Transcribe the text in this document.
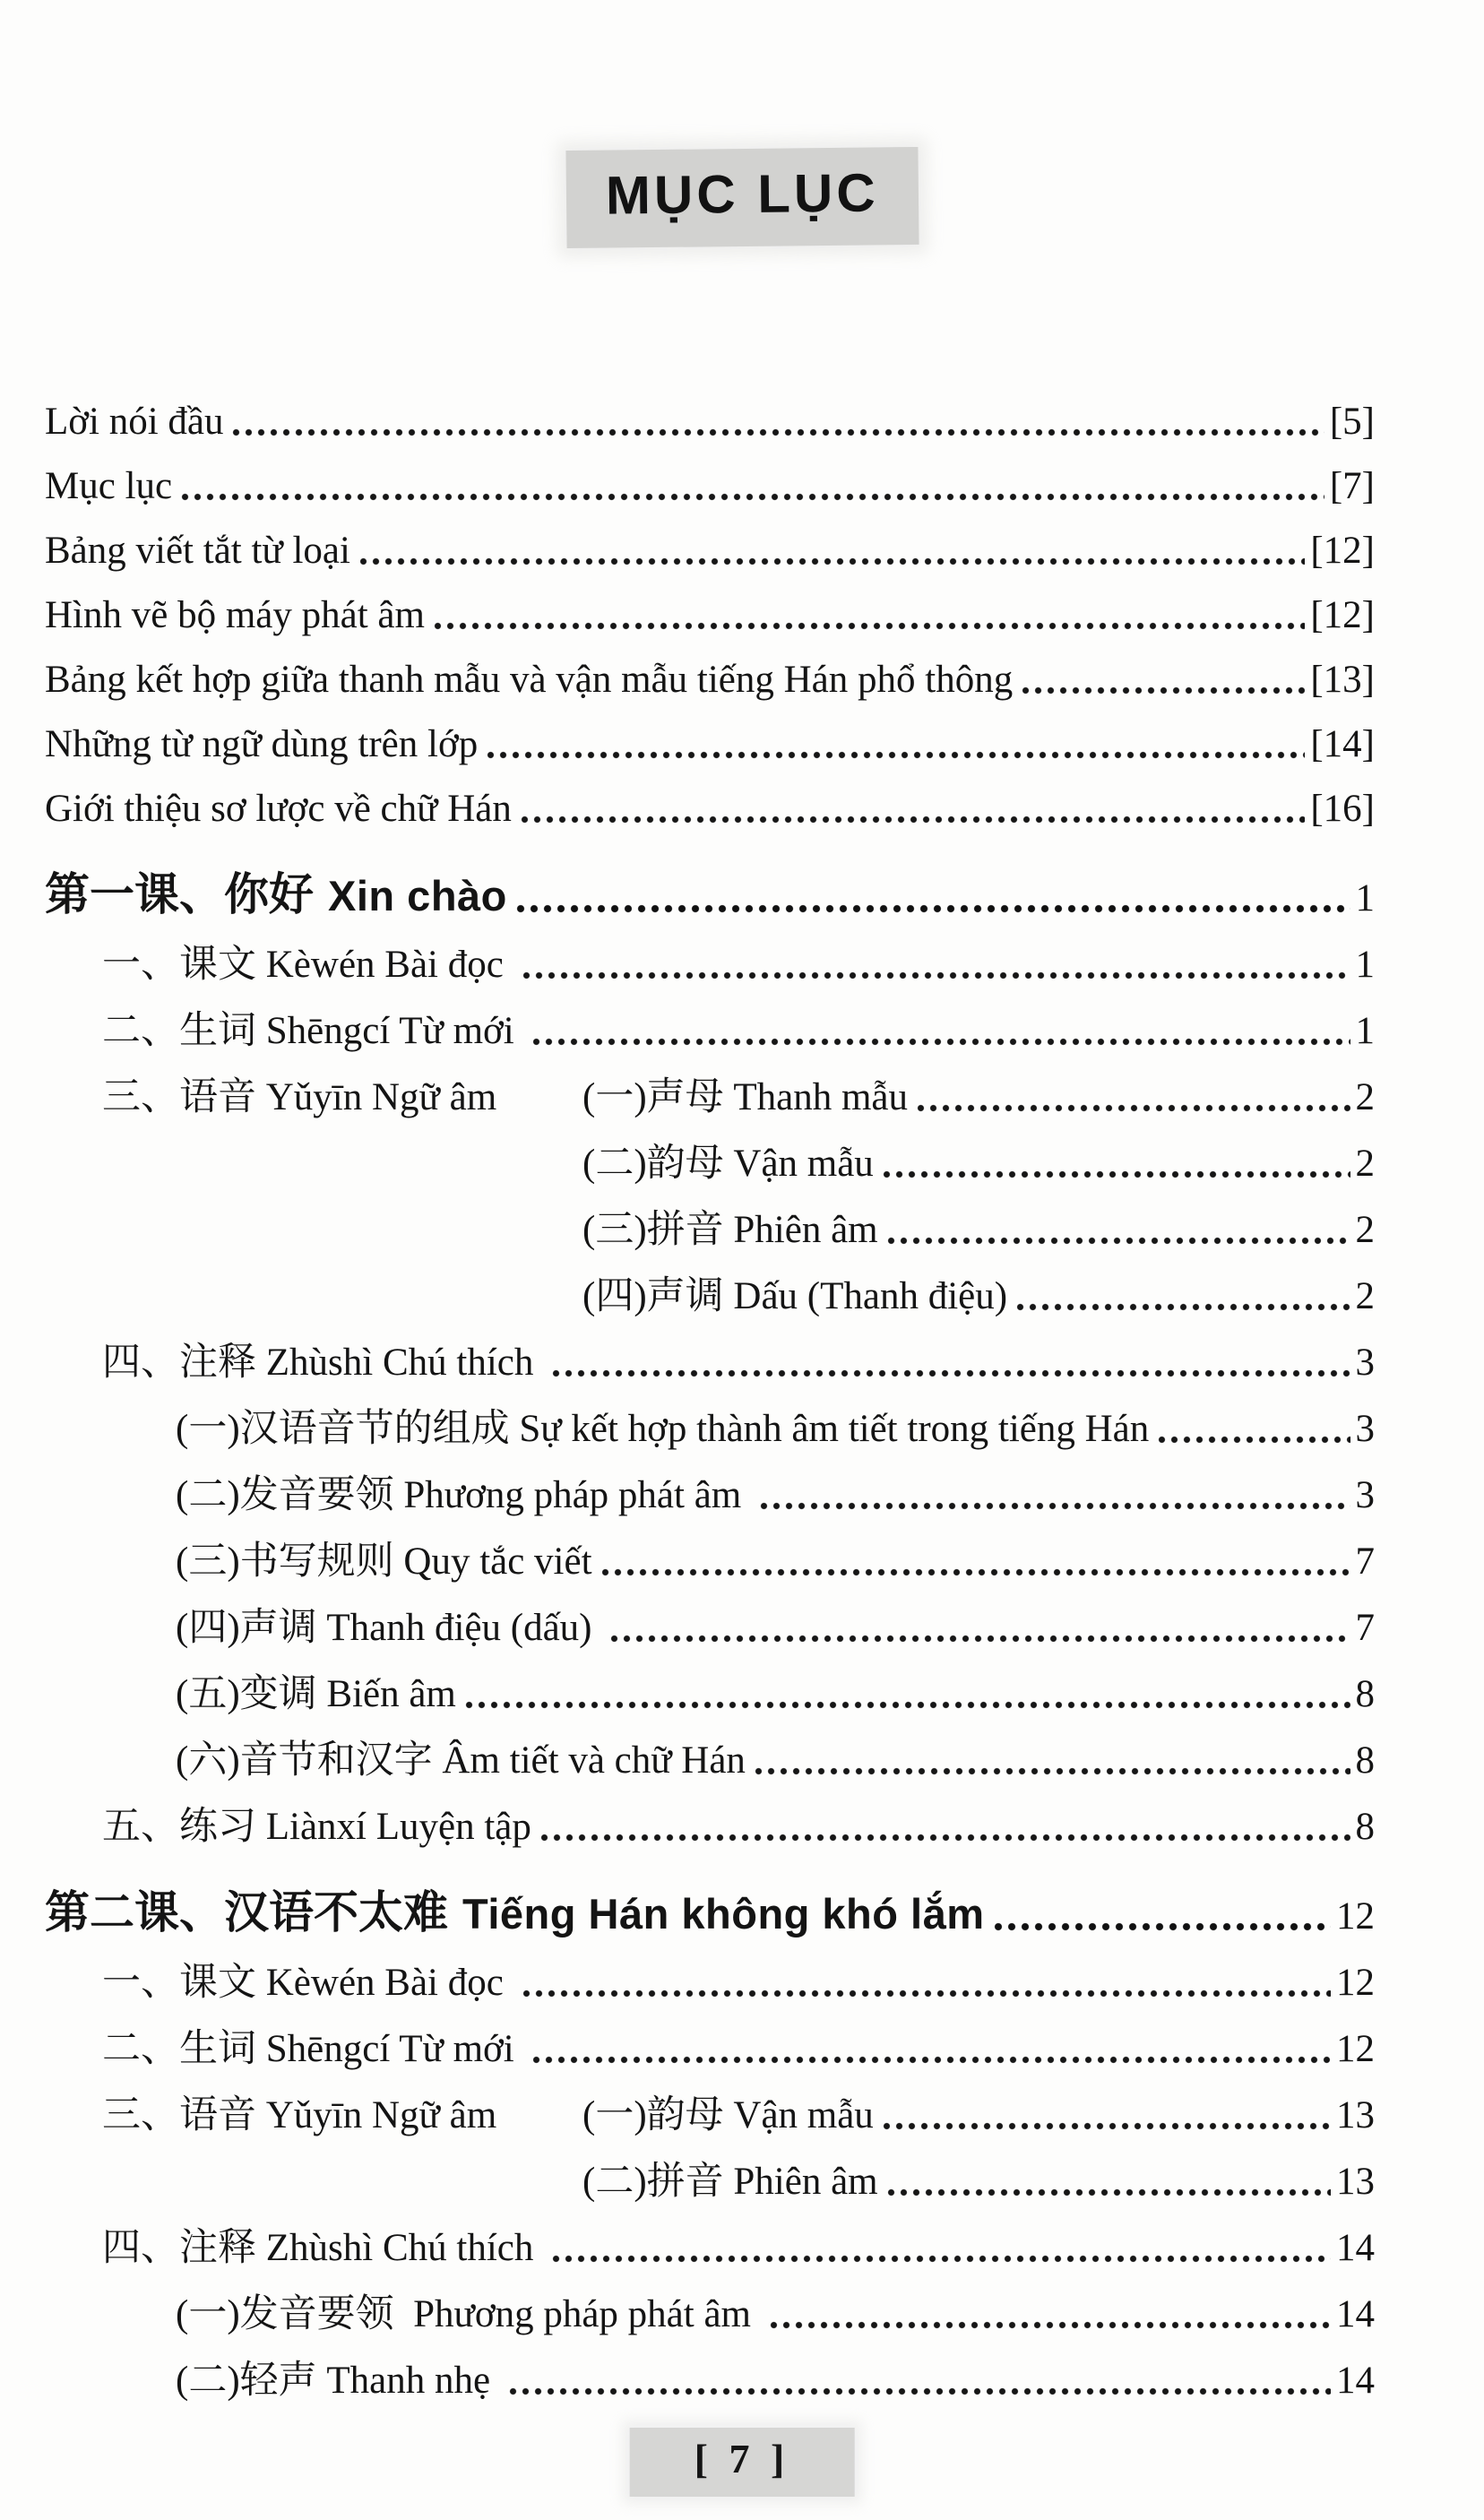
MỤC LỤC
Lời nói đầu	[5]
Mục lục	[7]
Bảng viết tắt từ loại	[12]
Hình vẽ bộ máy phát âm	[12]
Bảng kết hợp giữa thanh mẫu và vận mẫu tiếng Hán phổ thông	[13]
Những từ ngữ dùng trên lớp	[14]
Giới thiệu sơ lược về chữ Hán	[16]
第一课、你好 Xin chào	1
一、课文 Kèwén Bài đọc	1
二、生词 Shēngcí Từ mới	1
三、语音 Yǔyīn Ngữ âm	(一)声母 Thanh mẫu	2
(二)韵母 Vận mẫu	2
(三)拼音 Phiên âm	2
(四)声调 Dấu (Thanh điệu)	2
四、注释 Zhùshì Chú thích	3
(一)汉语音节的组成 Sự kết hợp thành âm tiết trong tiếng Hán	3
(二)发音要领 Phương pháp phát âm	3
(三)书写规则 Quy tắc viết	7
(四)声调 Thanh điệu (dấu)	7
(五)变调 Biến âm	8
(六)音节和汉字 Âm tiết và chữ Hán	8
五、练习 Liànxí Luyện tập	8
第二课、汉语不太难 Tiếng Hán không khó lắm	12
一、课文 Kèwén Bài đọc	12
二、生词 Shēngcí Từ mới	12
三、语音 Yǔyīn Ngữ âm	(一)韵母 Vận mẫu	13
(二)拼音 Phiên âm	13
四、注释 Zhùshì Chú thích	14
(一)发音要领  Phương pháp phát âm	14
(二)轻声 Thanh nhẹ	14
[ 7 ]
